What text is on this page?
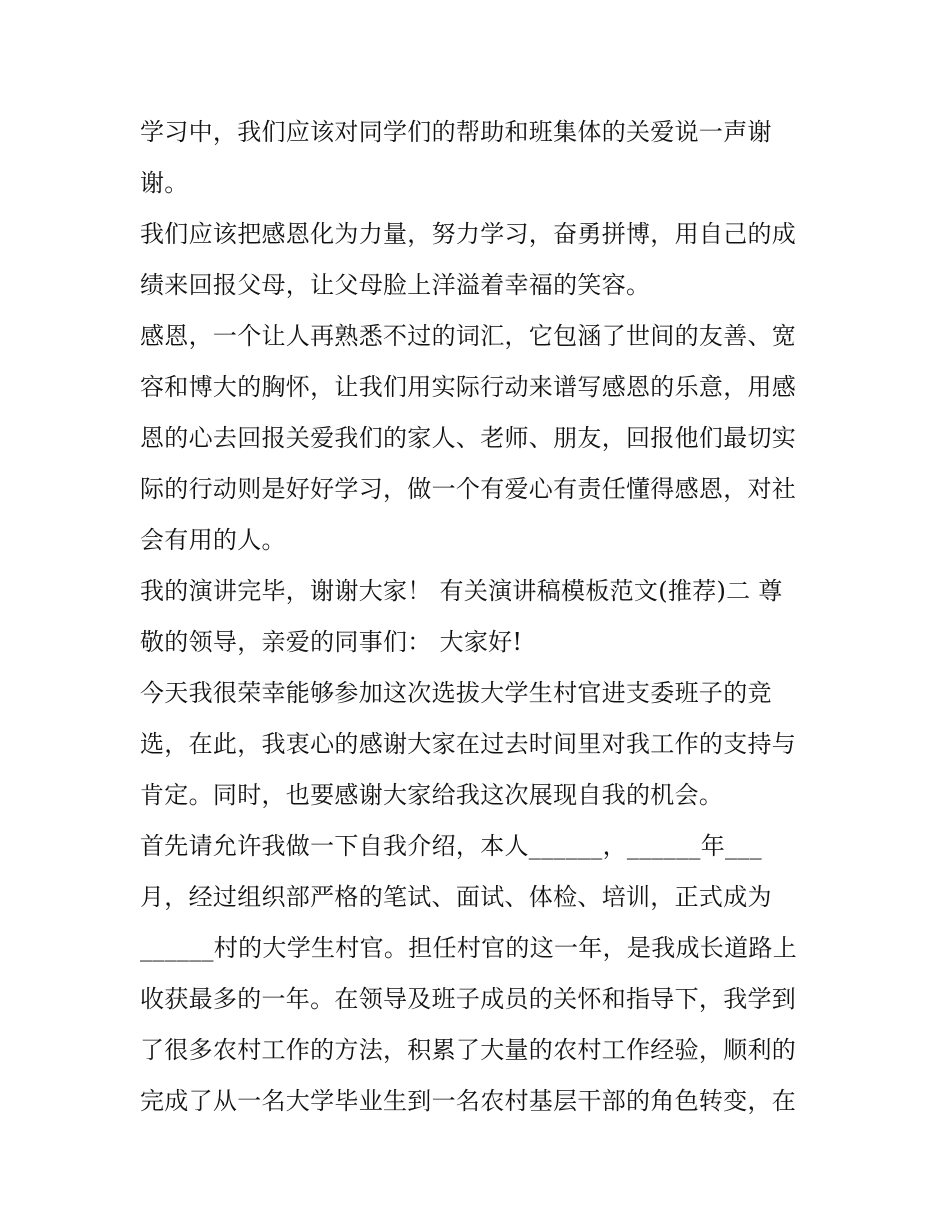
学习中，我们应该对同学们的帮助和班集体的关爱说一声谢
谢。
我们应该把感恩化为力量，努力学习，奋勇拼博，用自己的成
绩来回报父母，让父母脸上洋溢着幸福的笑容。
感恩，一个让人再熟悉不过的词汇，它包涵了世间的友善、宽
容和博大的胸怀，让我们用实际行动来谱写感恩的乐意，用感
恩的心去回报关爱我们的家人、老师、朋友，回报他们最切实
际的行动则是好好学习，做一个有爱心有责任懂得感恩，对社
会有用的人。
我的演讲完毕，谢谢大家！ 有关演讲稿模板范文(推荐)二 尊
敬的领导，亲爱的同事们： 大家好!
今天我很荣幸能够参加这次选拔大学生村官进支委班子的竞
选，在此，我衷心的感谢大家在过去时间里对我工作的支持与
肯定。同时，也要感谢大家给我这次展现自我的机会。
首先请允许我做一下自我介绍，本人______，______年___
月，经过组织部严格的笔试、面试、体检、培训，正式成为
______村的大学生村官。担任村官的这一年，是我成长道路上
收获最多的一年。在领导及班子成员的关怀和指导下，我学到
了很多农村工作的方法，积累了大量的农村工作经验，顺利的
完成了从一名大学毕业生到一名农村基层干部的角色转变，在
